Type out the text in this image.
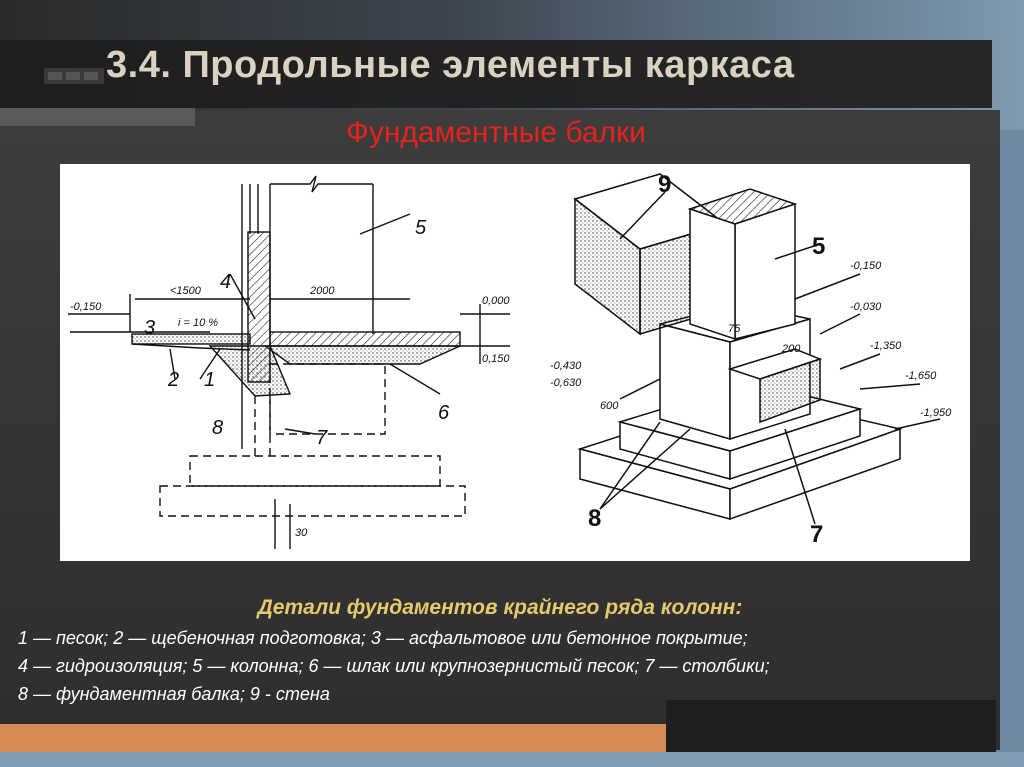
3.4. Продольные элементы каркаса
Фундаментные балки
1
2
3
4
5
6
7
8
-0,150
<1500
i = 10 %
2000
0,000
0,150
30
9
5
8
7
-0,150
-0,030
-1,350
-1,650
-1,950
-0,430
-0,630
600
75
200
Детали фундаментов крайнего ряда колонн:
1 — песок; 2 — щебеночная подготовка; 3 — асфальтовое или бетонное покрытие;
4 — гидроизоляция; 5 — колонна; 6 — шлак или крупнозернистый песок; 7 — столбики;
8 — фундаментная балка; 9 - стена
